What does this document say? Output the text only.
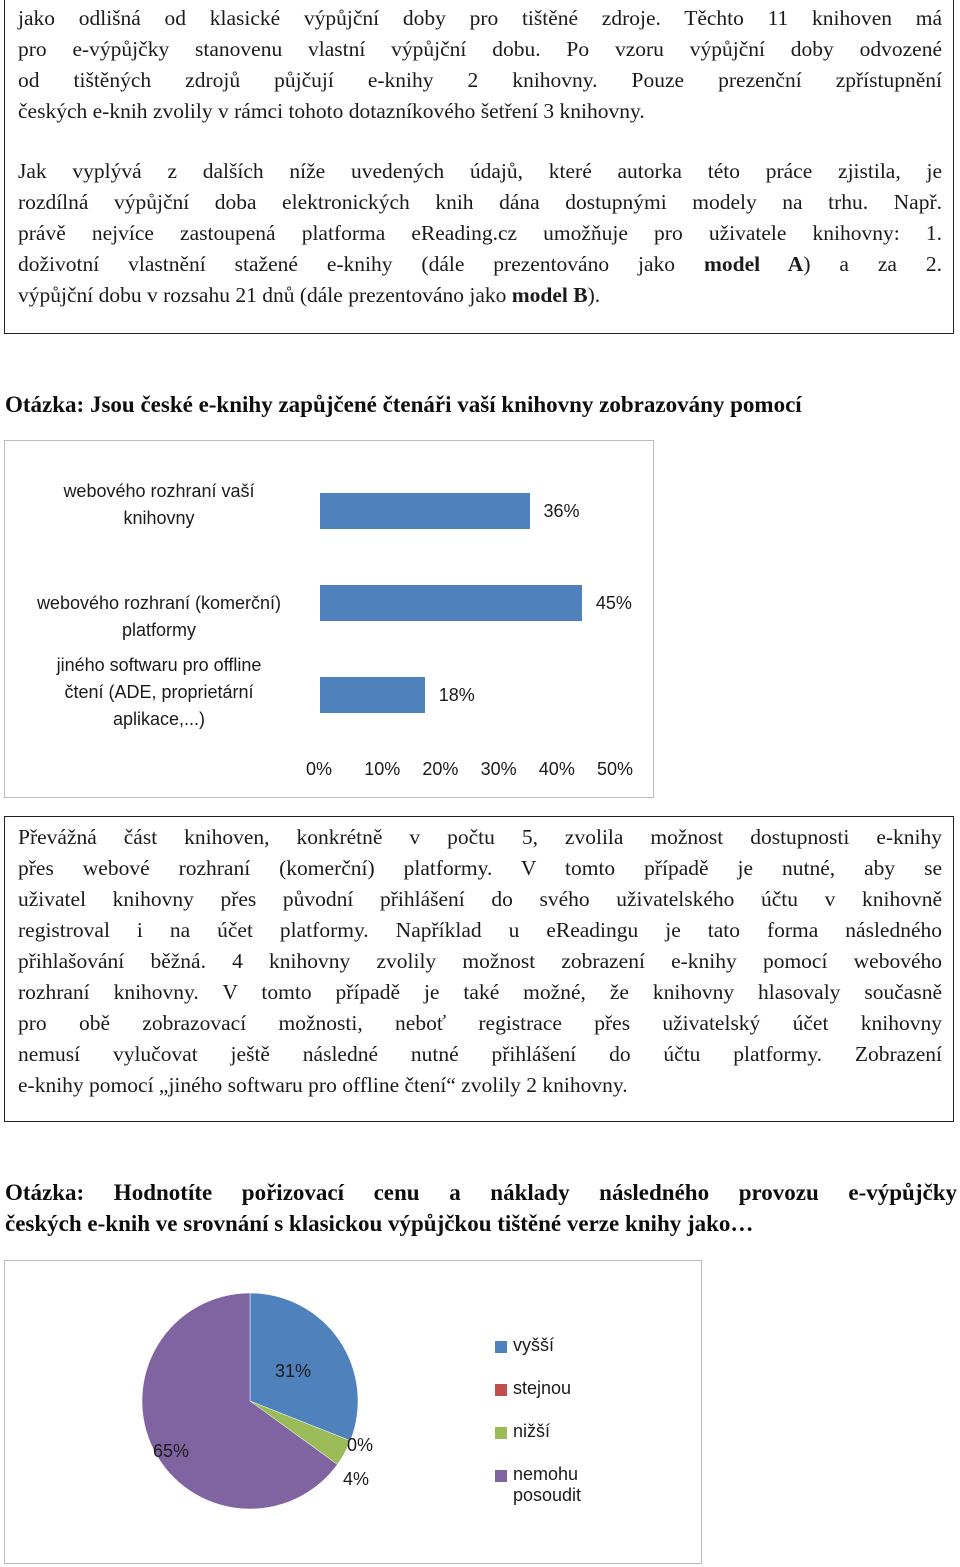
jako odlišná od klasické výpůjční doby pro tištěné zdroje. Těchto 11 knihoven má
pro e-výpůjčky stanovenu vlastní výpůjční dobu. Po vzoru výpůjční doby odvozené
od tištěných zdrojů půjčují e-knihy 2 knihovny. Pouze prezenční zpřístupnění
českých e-knih zvolily v rámci tohoto dotazníkového šetření 3 knihovny.
Jak vyplývá z dalších níže uvedených údajů, které autorka této práce zjistila, je
rozdílná výpůjční doba elektronických knih dána dostupnými modely na trhu. Např.
právě nejvíce zastoupená platforma eReading.cz umožňuje pro uživatele knihovny: 1.
doživotní vlastnění stažené e-knihy (dále prezentováno jako model A) a za 2.
výpůjční dobu v rozsahu 21 dnů (dále prezentováno jako model B).
Otázka: Jsou české e-knihy zapůjčené čtenáři vaší knihovny zobrazovány pomocí
webového rozhraní vaší
knihovny	36%
webového rozhraní (komerční)
platformy
45%
jiného softwaru pro offline
čtení (ADE, proprietární
aplikace,...)
18%
0% 10% 20% 30% 40% 50%
Převážná část knihoven, konkrétně v počtu 5, zvolila možnost dostupnosti e-knihy
přes webové rozhraní (komerční) platformy. V tomto případě je nutné, aby se
uživatel knihovny přes původní přihlášení do svého uživatelského účtu v knihovně
registroval i na účet platformy. Například u eReadingu je tato forma následného
přihlašování běžná. 4 knihovny zvolily možnost zobrazení e-knihy pomocí webového
rozhraní knihovny. V tomto případě je také možné, že knihovny hlasovaly současně
pro obě zobrazovací možnosti, neboť registrace přes uživatelský účet knihovny
nemusí vylučovat ještě následné nutné přihlášení do účtu platformy. Zobrazení
e-knihy pomocí „jiného softwaru pro offline čtení“ zvolily 2 knihovny.
Otázka: Hodnotíte pořizovací cenu a náklady následného provozu e-výpůjčky
českých e-knih ve srovnání s klasickou výpůjčkou tištěné verze knihy jako…
31%
0%
4%
65%
vyšší
stejnou
nižší
nemohu posoudit
